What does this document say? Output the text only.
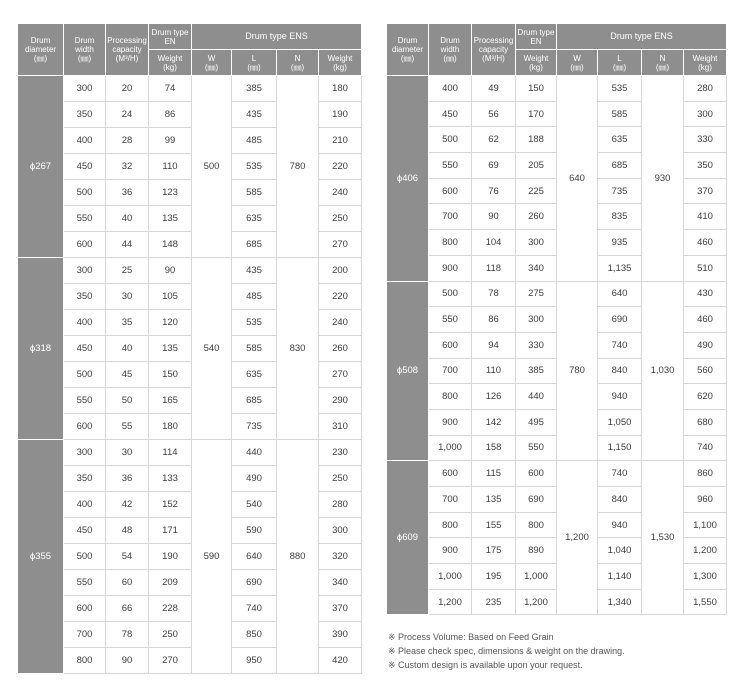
Drum
diameter
(㎜)	Drum
width
(㎜)	Processing
capacity
(M³/H)	Drum type
EN	Drum type ENS			

			Weight
(kg)	W
(㎜)	L
(㎜)	N
(㎜)	Weight
(kg)

ϕ267	300	20	74	500	385	780	180
	350	24	86		435		190
	400	28	99		485		210
	450	32	110		535		220
	500	36	123		585		240
	550	40	135		635		250
	600	44	148		685		270
ϕ318	300	25	90	540	435	830	200
	350	30	105		485		220
	400	35	120		535		240
	450	40	135		585		260
	500	45	150		635		270
	550	50	165		685		290
	600	55	180		735		310
ϕ355	300	30	114	590	440	880	230
	350	36	133		490		250
	400	42	152		540		280
	450	48	171		590		300
	500	54	190		640		320
	550	60	209		690		340
	600	66	228		740		370
	700	78	250		850		390
	800	90	270		950		420
Drum
diameter
(㎜)	Drum
width
(㎜)	Processing
capacity
(M³/H)	Drum type
EN	Drum type ENS			

			Weight
(kg)	W
(㎜)	L
(㎜)	N
(㎜)	Weight
(kg)

ϕ406	400	49	150	640	535	930	280
	450	56	170		585		300
	500	62	188		635		330
	550	69	205		685		350
	600	76	225		735		370
	700	90	260		835		410
	800	104	300		935		460
	900	118	340		1,135		510
ϕ508	500	78	275	780	640	1,030	430
	550	86	300		690		460
	600	94	330		740		490
	700	110	385		840		560
	800	126	440		940		620
	900	142	495		1,050		680
	1,000	158	550		1,150		740
ϕ609	600	115	600	1,200	740	1,530	860
	700	135	690		840		960
	800	155	800		940		1,100
	900	175	890		1,040		1,200
	1,000	195	1,000		1,140		1,300
	1,200	235	1,200		1,340		1,550
※ Process Volume: Based on Feed Grain
※ Please check spec, dimensions & weight on the drawing.
※ Custom design is available upon your request.
